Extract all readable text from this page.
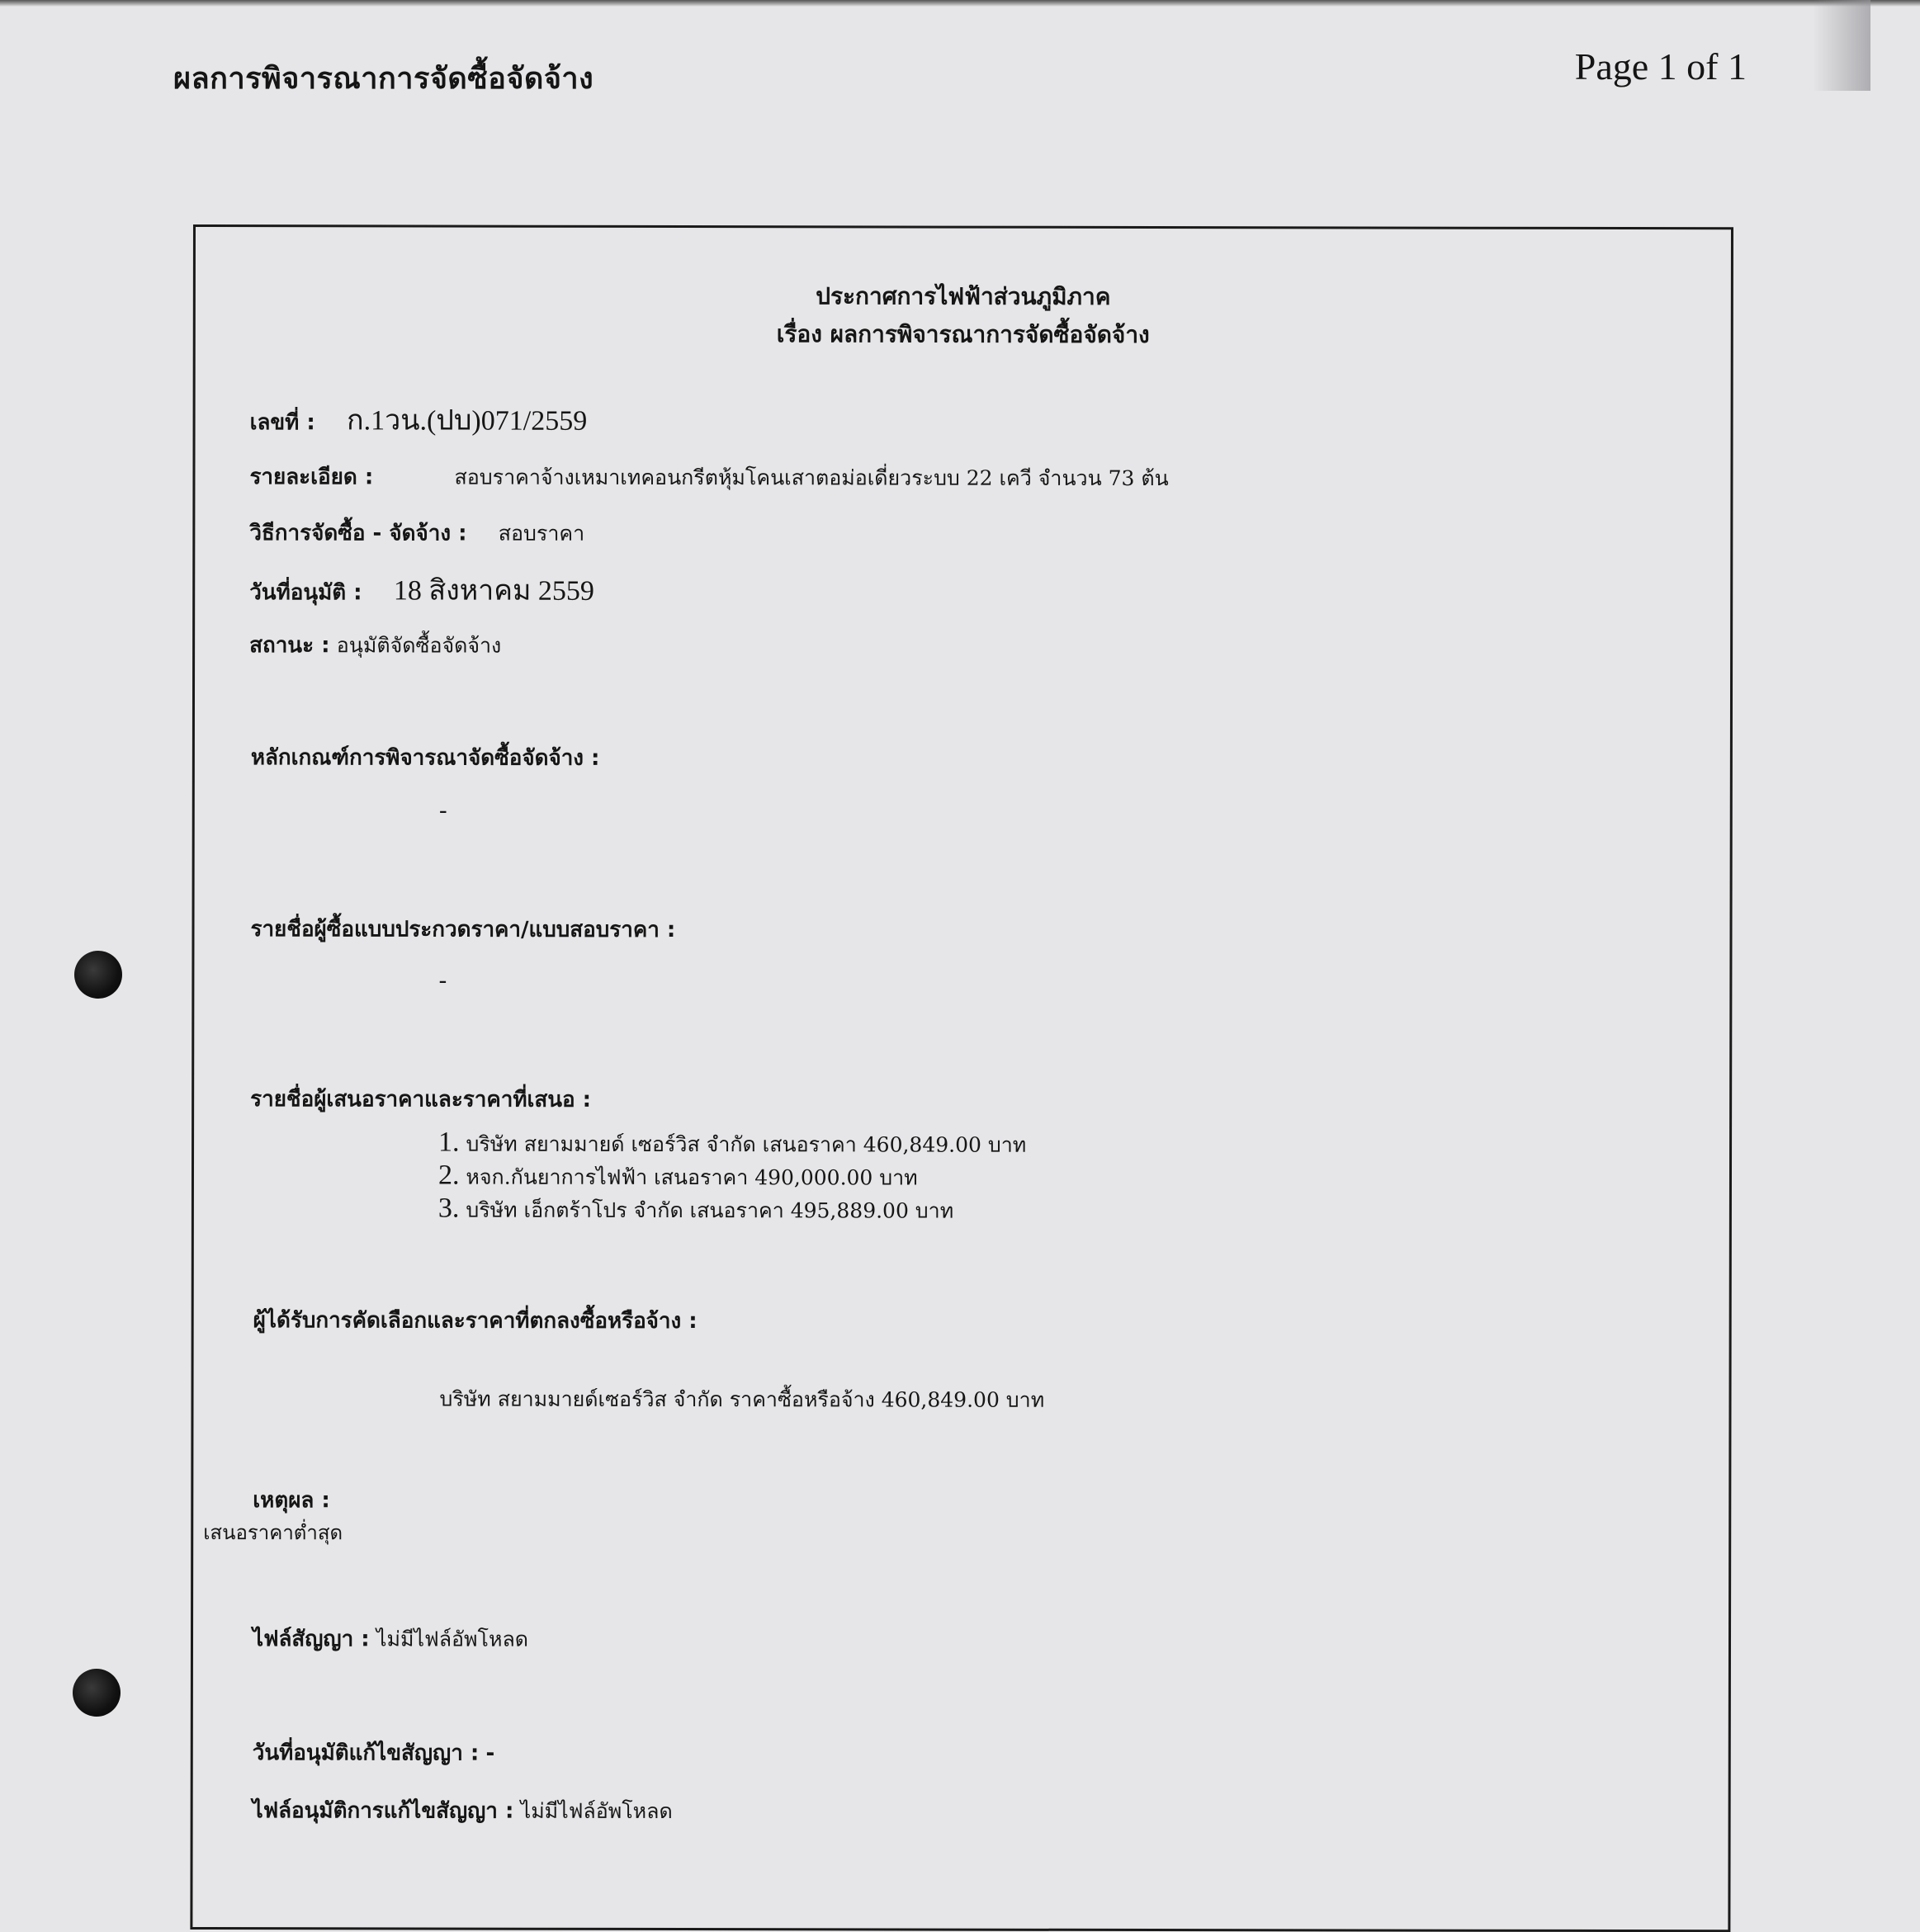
ผลการพิจารณาการจัดซื้อจัดจ้าง	Page 1 of 1
ประกาศการไฟฟ้าส่วนภูมิภาค
เรื่อง ผลการพิจารณาการจัดซื้อจัดจ้าง
เลขที่ : ก.1วน.(ปบ)071/2559
รายละเอียด :	สอบราคาจ้างเหมาเทคอนกรีตหุ้มโคนเสาตอม่อเดี่ยวระบบ 22 เควี จำนวน 73 ต้น
วิธีการจัดซื้อ - จัดจ้าง : สอบราคา
วันที่อนุมัติ : 18 สิงหาคม 2559
สถานะ : อนุมัติจัดซื้อจัดจ้าง
หลักเกณฑ์การพิจารณาจัดซื้อจัดจ้าง :
-
รายชื่อผู้ซื้อแบบประกวดราคา/แบบสอบราคา :
-
รายชื่อผู้เสนอราคาและราคาที่เสนอ :
1. บริษัท สยามมายด์ เซอร์วิส จำกัด เสนอราคา 460,849.00 บาท
2. หจก.กันยาการไฟฟ้า เสนอราคา 490,000.00 บาท
3. บริษัท เอ็กตร้าโปร จำกัด เสนอราคา 495,889.00 บาท
ผู้ได้รับการคัดเลือกและราคาที่ตกลงซื้อหรือจ้าง :
บริษัท สยามมายด์เซอร์วิส จำกัด ราคาซื้อหรือจ้าง 460,849.00 บาท
เหตุผล :
เสนอราคาต่ำสุด
ไฟล์สัญญา : ไม่มีไฟล์อัพโหลด
วันที่อนุมัติแก้ไขสัญญา : -
ไฟล์อนุมัติการแก้ไขสัญญา : ไม่มีไฟล์อัพโหลด
